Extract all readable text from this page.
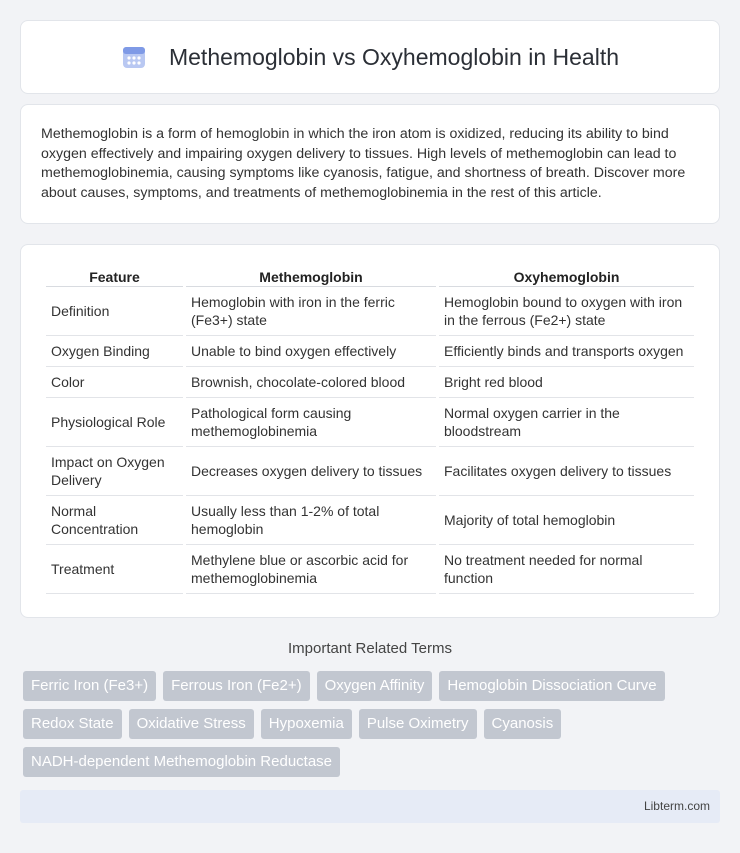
Methemoglobin vs Oxyhemoglobin in Health

Methemoglobin is a form of hemoglobin in which the iron atom is oxidized, reducing its ability to bind oxygen effectively and impairing oxygen delivery to tissues. High levels of methemoglobin can lead to methemoglobinemia, causing symptoms like cyanosis, fatigue, and shortness of breath. Discover more about causes, symptoms, and treatments of methemoglobinemia in the rest of this article.

Feature	Methemoglobin	Oxyhemoglobin
Definition	Hemoglobin with iron in the ferric (Fe3+) state	Hemoglobin bound to oxygen with iron in the ferrous (Fe2+) state
Oxygen Binding	Unable to bind oxygen effectively	Efficiently binds and transports oxygen
Color	Brownish, chocolate-colored blood	Bright red blood
Physiological Role	Pathological form causing methemoglobinemia	Normal oxygen carrier in the bloodstream
Impact on Oxygen Delivery	Decreases oxygen delivery to tissues	Facilitates oxygen delivery to tissues
Normal Concentration	Usually less than 1-2% of total hemoglobin	Majority of total hemoglobin
Treatment	Methylene blue or ascorbic acid for methemoglobinemia	No treatment needed for normal function
Important Related Terms
Ferric Iron (Fe3+)	Ferrous Iron (Fe2+)	Oxygen Affinity	Hemoglobin Dissociation Curve
Redox State	Oxidative Stress	Hypoxemia	Pulse Oximetry	Cyanosis
NADH-dependent Methemoglobin Reductase
Libterm.com
